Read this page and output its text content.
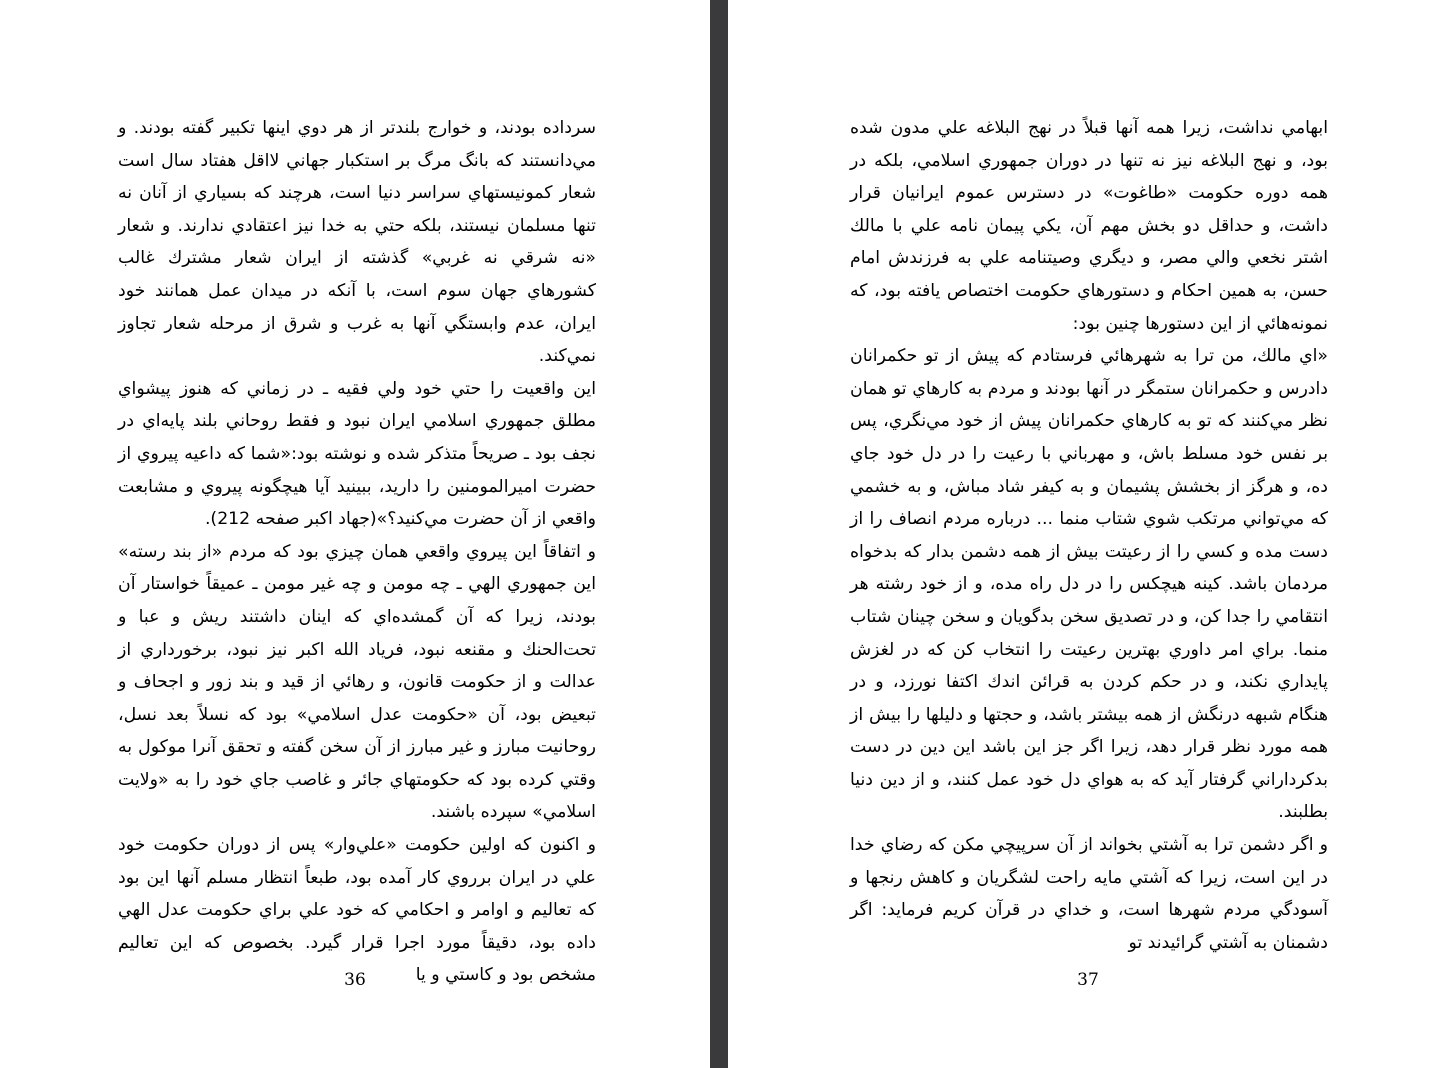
سرداده بودند، و خوارج بلندتر از هر دوي اينها تكبير گفته بودند. و مي‌دانستند كه بانگ مرگ بر استكبار جهاني لااقل هفتاد سال است شعار كمونيستهاي سراسر دنيا است، هرچند كه بسياري از آنان نه تنها مسلمان نيستند، بلكه حتي به خدا نيز اعتقادي ندارند. و شعار «نه شرقي نه غربي» گذشته از ايران شعار مشترك غالب كشورهاي جهان سوم است، با آنكه در ميدان عمل همانند خود ايران، عدم وابستگي آنها به غرب و شرق از مرحله شعار تجاوز نمي‌كند.

اين واقعيت را حتي خود ولي فقيه ـ در زماني كه هنوز پيشواي مطلق جمهوري اسلامي ايران نبود و فقط روحاني بلند پايه‌اي در نجف بود ـ صريحاً متذكر شده و نوشته بود:«شما كه داعيه پيروي از حضرت اميرالمومنين را داريد، ببينيد آيا هيچگونه پيروي و مشابعت واقعي از آن حضرت مي‌كنيد؟»(جهاد اكبر صفحه 212).

و اتفاقاً اين پيروي واقعي همان چيزي بود كه مردم «از بند رسته» اين جمهوري الهي ـ چه مومن و چه غير مومن ـ عميقاً خواستار آن بودند، زيرا كه آن گمشده‌اي كه اينان داشتند ريش و عبا و تحت‌الحنك و مقنعه نبود، فرياد الله اكبر نيز نبود، برخورداري از عدالت و از حكومت قانون، و رهائي از قيد و بند زور و اجحاف و تبعيض بود، آن «حكومت عدل اسلامي» بود كه نسلاً بعد نسل، روحانيت مبارز و غير مبارز از آن سخن گفته و تحقق آنرا موكول به وقتي كرده بود كه حكومتهاي جائر و غاصب جاي خود را به «ولايت اسلامي» سپرده باشند.

و اكنون كه اولين حكومت «علي‌وار» پس از دوران حكومت خود علي در ايران برروي كار آمده بود، طبعاً انتظار مسلم آنها اين بود كه تعاليم و اوامر و احكامي كه خود علي براي حكومت عدل الهي داده بود، دقيقاً مورد اجرا قرار گيرد. بخصوص كه اين تعاليم مشخص بود و كاستي و يا

36

ابهامي نداشت، زيرا همه آنها قبلاً در نهج البلاغه علي مدون شده بود، و نهج البلاغه نيز نه تنها در دوران جمهوري اسلامي، بلكه در همه دوره حكومت «طاغوت» در دسترس عموم ايرانيان قرار داشت، و حداقل دو بخش مهم آن، يكي پيمان نامه علي با مالك اشتر نخعي والي مصر، و ديگري وصيتنامه علي به فرزندش امام حسن، به همين احكام و دستورهاي حكومت اختصاص يافته بود، كه نمونه‌هائي از اين دستورها چنين بود:

«اي مالك، من ترا به شهرهائي فرستادم كه پيش از تو حكمرانان دادرس و حكمرانان ستمگر در آنها بودند و مردم به كارهاي تو همان نظر مي‌كنند كه تو به كارهاي حكمرانان پيش از خود مي‌نگري، پس بر نفس خود مسلط باش، و مهرباني با رعيت را در دل خود جاي ده، و هرگز از بخشش پشيمان و به كيفر شاد مباش، و به خشمي كه مي‌تواني مرتكب شوي شتاب منما ... درباره مردم انصاف را از دست مده و كسي را از رعيتت بيش از همه دشمن بدار كه بدخواه مردمان باشد. كينه هيچكس را در دل راه مده، و از خود رشته هر انتقامي را جدا كن، و در تصديق سخن بدگويان و سخن چينان شتاب منما. براي امر داوري بهترين رعيتت را انتخاب كن كه در لغزش پايداري نكند، و در حكم كردن به قرائن اندك اكتفا نورزد، و در هنگام شبهه درنگش از همه بيشتر باشد، و حجتها و دليلها را بيش از همه مورد نظر قرار دهد، زيرا اگر جز اين باشد اين دين در دست بدكرداراني گرفتار آيد كه به هواي دل خود عمل كنند، و از دين دنيا بطلبند.

و اگر دشمن ترا به آشتي بخواند از آن سرپيچي مكن كه رضاي خدا در اين است، زيرا كه آشتي مايه راحت لشگريان و كاهش رنجها و آسودگي مردم شهرها است، و خداي در قرآن كريم فرمايد: اگر دشمنان به آشتي گرائيدند تو

37
